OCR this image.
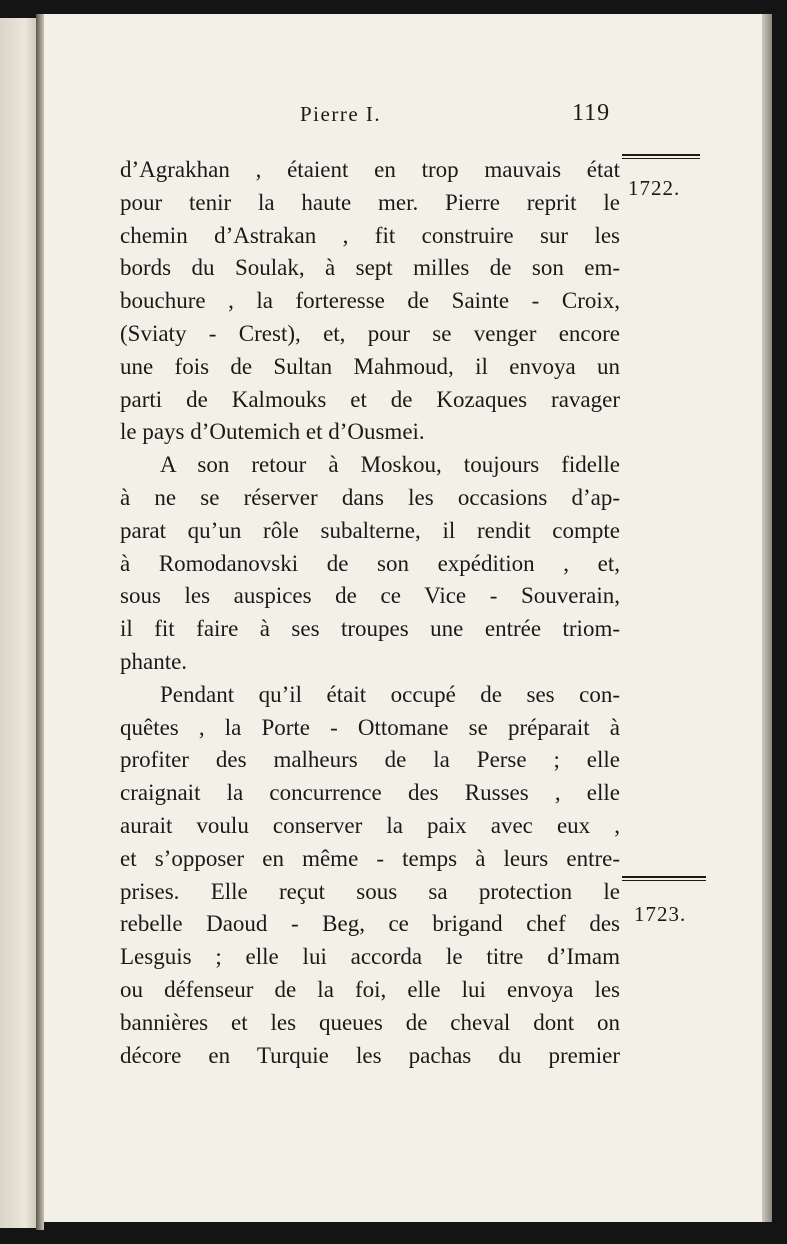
Pierre I.	119
1722.
1723.
d’Agrakhan , étaient en trop mauvais état
pour tenir la haute mer. Pierre reprit le
chemin d’Astrakan , fit construire sur les
bords du Soulak, à sept milles de son em-
bouchure , la forteresse de Sainte - Croix,
(Sviaty - Crest), et, pour se venger encore
une fois de Sultan Mahmoud, il envoya un
parti de Kalmouks et de Kozaques ravager
le pays d’Outemich et d’Ousmei.
A son retour à Moskou, toujours fidelle
à ne se réserver dans les occasions d’ap-
parat qu’un rôle subalterne, il rendit compte
à Romodanovski de son expédition , et,
sous les auspices de ce Vice - Souverain,
il fit faire à ses troupes une entrée triom-
phante.
Pendant qu’il était occupé de ses con-
quêtes , la Porte - Ottomane se préparait à
profiter des malheurs de la Perse ; elle
craignait la concurrence des Russes , elle
aurait voulu conserver la paix avec eux ,
et s’opposer en même - temps à leurs entre-
prises. Elle reçut sous sa protection le
rebelle Daoud - Beg, ce brigand chef des
Lesguis ; elle lui accorda le titre d’Imam
ou défenseur de la foi, elle lui envoya les
bannières et les queues de cheval dont on
décore en Turquie les pachas du premier
